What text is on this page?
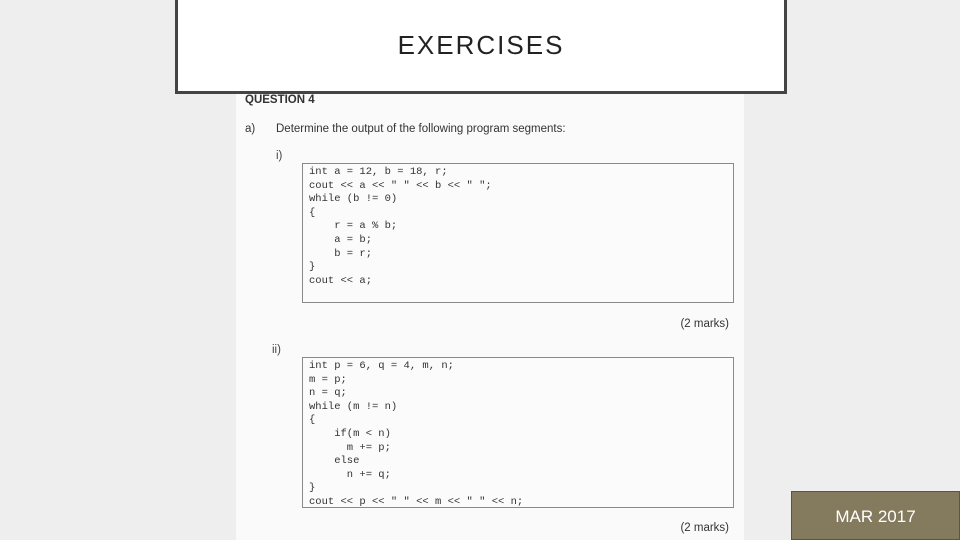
EXERCISES
QUESTION 4
a) Determine the output of the following program segments:
i)
int a = 12, b = 18, r;
cout << a << " " << b << " ";
while (b != 0)
{
r = a % b;
a = b;
b = r;
}
cout << a;
(2 marks)
ii)
int p = 6, q = 4, m, n;
m = p;
n = q;
while (m != n)
{
if(m < n)
m += p;
else
n += q;
}
cout << p << " " << m << " " << n;
(2 marks)
MAR 2017
